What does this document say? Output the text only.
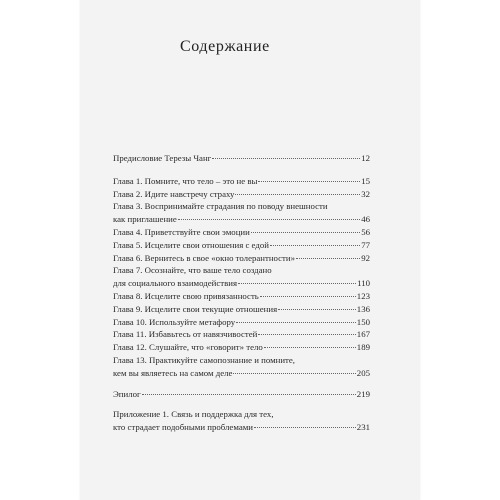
Содержание
Предисловие Терезы Чанг	12
Глава 1. Помните, что тело – это не вы	15
Глава 2. Идите навстречу страху	32
Глава 3. Воспринимайте страдания по поводу внешности
как приглашение	46
Глава 4. Приветствуйте свои эмоции	56
Глава 5. Исцелите свои отношения с едой	77
Глава 6. Вернитесь в свое «окно толерантности»	92
Глава 7. Осознайте, что ваше тело создано
для социального взаимодействия	110
Глава 8. Исцелите свою привязанность	123
Глава 9. Исцелите свои текущие отношения	136
Глава 10. Используйте метафору	150
Глава 11. Избавьтесь от навязчивостей	167
Глава 12. Слушайте, что «говорит» тело	189
Глава 13. Практикуйте самопознание и помните,
кем вы являетесь на самом деле	205
Эпилог	219
Приложение 1. Связь и поддержка для тех,
кто страдает подобными проблемами	231
